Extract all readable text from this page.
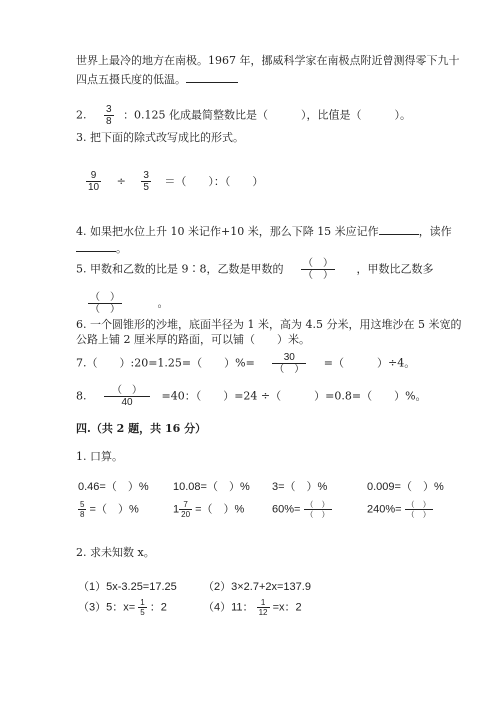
世界上最冷的地方在南极。1967 年，挪威科学家在南极点附近曾测得零下九十
四点五摄氏度的低温。
2. $\frac{3}{8}$ ：0.125 化成最简整数比是（　　　），比值是（　　　）。
3. 把下面的除式改写成比的形式。
$\frac{9}{10} \div \frac{3}{5}$ ＝（　　）：（　　）
4. 如果把水位上升 10 米记作+10 米，那么下降 15 米应记作	，读作
。
5. 甲数和乙数的比是 9∶8，乙数是甲数的 $\frac{( )}{( )}$ ，甲数比乙数多
$\frac{( )}{( )}$	。
6. 一个圆锥形的沙堆，底面半径为 1 米，高为 4.5 分米，用这堆沙在 5 米宽的
公路上铺 2 厘米厚的路面，可以铺（　　）米。
7.（　　）:20=1.25=（　　）%= $\frac{30}{( )}$ =（　　　）÷4。
8. $\frac{( )}{40} =40$：（　　）=24 ÷（　　　）=0.8=（　　）%。
四.（共 2 题，共 16 分）
1. 口算。
0.46=（　）% 10.08=（　）% 3=（　）%	0.009=（　）%
$\frac{5}{8}$ =（　）%	$1 \frac{7}{20}$ =（　）%	$60\%= \frac{( )}{( )}$	$240\%= \frac{( )}{( )}$
2. 求未知数 x。
（1）5x-3.25=17.25 （2）3×2.7+2x=137.9
（3）5：$x= \frac{1}{5}$ ：2	（4）11： $\frac{1}{12} =x$：2
